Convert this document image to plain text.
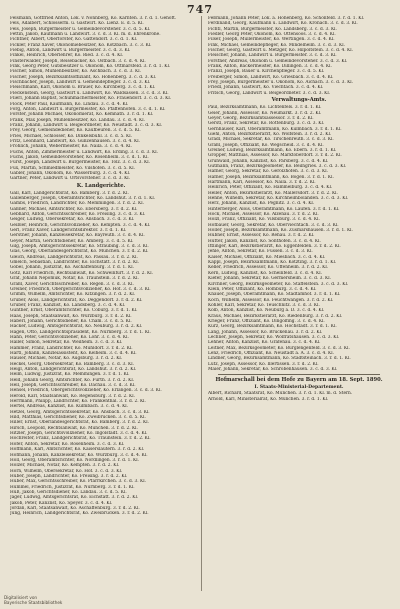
747
Felsmann, Gottfried Anton, Lok. v. Nonnberg, Ko. Kärnten. 3. r. d. 1. Gehöft.
Fels, Adalbert, Schlosserm. u. Gastwirt. Ko. Lienz. E. d. 5. Kl.
Fels, Joseph, Bürgermeister u. Gemeindevorsteher. 3. c. d. 5. Kl.
Fettin, Jakob, Kaufmann u. Landwirt. 3. c. d. 3. Kl. m. d. Ehrenkrone.
Fichtner, Albert, Oberförster, Ko. Gattendorf. 3. c. d. 1. Kl.
Fickler, Franz Xaver, Ökonomiebesitzer, Ko. Kotzbach. 3. c. 3. Kl.
Fiebig, Anton, Landwirt u. Bürgermeister. 3. c. d. 3. Kl.
Finkel, Heinrich, Oberlehrer, Ko. Ried. 3. c. d. 4. Kl.
Finsterwalder, Joseph, Reisebäcker, Ko. Ostbach. 3. c. d. 4. Kl.
Fink, Georg Peter, Gutsbesitzer u. Ökonom, Ko. Ottmarsfeld. 3. r. d. 1. Kl.
Fischer, Simon, Mühlenbesitzer, Ko. Aschbach. 3. c. d. 3. Kl.
Fischer, Joseph, Bezirksamtsoffiziant, Ko. Hohenberg. 3. c. d. 3. Kl.
Fischbacher, Joseph, Landwirt u. Gemeindepfleger. 3. c. d. 3. Kl.
Fleischmann, Karl, Ökonom u. Brauer, Ko. Kirchberg. 3. c. d. 1. Kl.
Fleckenstein, Georg, Gastwirt u. Landwirt, Ko. Waldsassen. 3. c. d. 3. Kl.
Flierl, Johann Baptist, Schuhmachermeister, Ko. Frauendorf. 3. c. d. 3. Kl.
Flock, Peter Paul, Kaufmann, Ko. Lindau. 3. c. d. 4. Kl.
Förg, Anton, Landwirt u. Bürgermeister, Ko. Pfaffenhofen. 3. c. d. 1. Kl.
Forster, Johann Michael, Ökonomierat, Ko. Kemnath. 3. r. d. 1. Kl.
Frank, Max Joseph, Mühlenbesitzer, Ko. Landau. 3. c. d. 4. Kl.
Franz, Johann, Landwirt u. Beigeordneter, Ko. Neustadt. 3. c. d. 3. Kl.
Frey, Georg, Gemeindediener, Ko. Kaufbeuren. 3. c. d. 5. Kl.
Fries, Michael, Schlosser, Ko. Dinkelsbühl. 3. c. d. 5. Kl.
Fritz, Leonhard, Landwirt, Ko. Gunzenhausen. 3. c. d. 4. Kl.
Fröhlich, Johann, Webermeister, Ko. Naila. 3. c. d. 4. Kl.
Fuchs, Anton, Zimmermeister u. Landwirt, Ko. Erding. 3. c. d. 3. Kl.
Fuchs, Jakob, Gemeindevorsteher, Ko. Rosenheim. 3. c. d. 1. Kl.
Fürst, Joseph, Landwirt u. Bürgermeister, Ko. Tölz. 3. c. d. 3. Kl.
Fux, Martin, Schmiedmeister, Ko. Vilshofen. 3. c. d. 5. Kl.
Gabler, Johann, Ökonom, Ko. Wasserburg. 3. c. d. 4. Kl.
Gärtner, Peter, Landwirt u. Ortsvorsteher. 3. c. d. 3. Kl.
K. Landgerichte.
Gall, Karl, Landgerichtsrat, Ko. Bamberg. 3. r. d. 2. Kl.
Gallenberger, Joseph, Oberamtsrichter, Ko. Landshut. 3. r. d. 1. Kl.
Gambs, Friedrich, Landrichter, Ko. Memmingen. 3. r. d. 2. Kl.
Gaßner, Michael, Amtsrichter, Ko. Ebersberg. 3. r. d. 2. Kl.
Gebhard, Anton, Gerichtsschreiber, Ko. Freising. 3. c. d. 3. Kl.
Geiger, Ludwig, Obersekretär, Ko. Ansbach. 3. c. d. 3. Kl.
Geißler, Heinrich, Gerichtsvollzieher, Ko. Kempten. 3. c. d. 4. Kl.
Gerl, Franz Xaver, Landgerichtsdirektor. 3. r. d. 1. Kl.
Gerstner, Johann, Kanzleisekretär, Ko. Bayreuth. 3. c. d. 4. Kl.
Geyer, Martin, Gerichtsdiener, Ko. Amberg. 3. c. d. 5. Kl.
Gilg, Joseph, Amtsgerichtssekretär, Ko. Straubing. 3. c. d. 3. Kl.
Glas, Georg, Oberlandesgerichtsrat, Ko. München. 3. r. d. 2. Kl.
Gleich, Andreas, Landgerichtsrat, Ko. Passau. 3. r. d. 2. Kl.
Gmelch, Sebastian, Landrichter, Ko. Eichstätt. 3. r. d. 2. Kl.
Göbel, Johann, Justizrat, Ko. Aschaffenburg. 3. r. d. 1. Kl.
Götz, Karl Friedrich, Rechtsanwalt, Ko. Schweinfurt. 3. r. d. 2. Kl.
Graf, Johann Nepomuk, Notar, Ko. Traunstein. 3. r. d. 2. Kl.
Gräßl, Xaver, Gerichtsschreiber, Ko. Regen. 3. c. d. 3. Kl.
Greiner, Friedrich, Obergerichtsvollzieher, Ko. Hof. 3. c. d. 3. Kl.
Grimm, Wilhelm, Amtsrichter, Ko. Kitzingen. 3. r. d. 2. Kl.
Gruber, Alois, Landgerichtsrat, Ko. Deggendorf. 3. r. d. 2. Kl.
Gruber, Franz, Kanzlist, Ko. Landsberg. 3. c. d. 4. Kl.
Günther, Ernst, Oberamtsrichter, Ko. Coburg. 3. r. d. 1. Kl.
Haas, Joseph, Staatsanwalt, Ko. Würzburg. 3. r. d. 2. Kl.
Haberl, Johann, Gerichtsdiener, Ko. Cham. 3. c. d. 5. Kl.
Hacker, Ludwig, Amtsgerichtsrat, Ko. Neuburg. 3. r. d. 2. Kl.
Hagen, Otto, Landgerichtspräsident, Ko. Nürnberg. 3. r. d. 1. Kl.
Hahn, Peter, Gerichtsvollzieher, Ko. Lohr. 3. c. d. 4. Kl.
Haller, Simon, Sekretär, Ko. Weilheim. 3. c. d. 3. Kl.
Hammer, Franz, Landrichter, Ko. Mühldorf. 3. r. d. 2. Kl.
Hartl, Johann, Kanzleiassistent, Ko. Kelheim. 3. c. d. 4. Kl.
Hauser, Michael, Notar, Ko. Augsburg. 3. r. d. 2. Kl.
Heckel, Georg, Obersekretär, Ko. Bamberg. 3. c. d. 3. Kl.
Heigl, Anton, Landgerichtsrat, Ko. Landshut. 3. r. d. 2. Kl.
Heim, Ludwig, Justizrat, Ko. Memmingen. 3. r. d. 1. Kl.
Held, Johann Georg, Amtsrichter, Ko. Fürth. 3. r. d. 2. Kl.
Hell, Joseph, Gerichtsschreiber, Ko. Dachau. 3. c. d. 3. Kl.
Hensel, Friedrich, Obergerichtsvollzieher, Ko. Erlangen. 3. c. d. 3. Kl.
Herold, Karl, Staatsanwalt, Ko. Regensburg. 3. r. d. 2. Kl.
Herrmann, Philipp, Landrichter, Ko. Frankenthal. 3. r. d. 2. Kl.
Hertel, Andreas, Kanzlist, Ko. Kulmbach. 3. c. d. 4. Kl.
Hetzel, Georg, Amtsgerichtssekretär, Ko. Ansbach. 3. c. d. 3. Kl.
Hild, Matthias, Gerichtsdiener, Ko. Zweibrücken. 3. c. d. 5. Kl.
Hiller, Ernst, Oberlandesgerichtsrat, Ko. Bamberg. 3. r. d. 2. Kl.
Hirsch, Leopold, Rechtsanwalt, Ko. München. 3. r. d. 2. Kl.
Hitzler, Joseph, Gerichtsvollzieher, Ko. Ingolstadt. 3. c. d. 4. Kl.
Hochreiter, Franz, Landgerichtsrat, Ko. Traunstein. 3. r. d. 2. Kl.
Hofer, Anton, Sekretär, Ko. Rosenheim. 3. c. d. 3. Kl.
Hoffmann, Karl, Amtsrichter, Ko. Kaiserslautern. 3. r. d. 2. Kl.
Hofmann, Johann, Kanzleisekretär, Ko. Würzburg. 3. c. d. 4. Kl.
Holl, Georg, Oberamtsrichter, Ko. Nördlingen. 3. r. d. 1. Kl.
Holzer, Michael, Notar, Ko. Kempten. 3. r. d. 2. Kl.
Horn, Wilhelm, Obersekretär, Ko. Hof. 3. c. d. 3. Kl.
Huber, Joseph, Landrichter, Ko. Freising. 3. r. d. 2. Kl.
Huber, Max, Gerichtsschreiber, Ko. Pfarrkirchen. 3. c. d. 3. Kl.
Hummel, Friedrich, Justizrat, Ko. Nürnberg. 3. r. d. 1. Kl.
Huß, Jakob, Gerichtsdiener, Ko. Landau. 3. c. d. 5. Kl.
Jäger, Ludwig, Amtsgerichtsrat, Ko. Eichstätt. 3. r. d. 2. Kl.
Jakob, Peter, Kanzlist, Ko. Speyer. 3. c. d. 4. Kl.
Jordan, Karl, Staatsanwalt, Ko. Aschaffenburg. 3. r. d. 2. Kl.
Jung, Heinrich, Landgerichtsrat, Ko. Zweibrücken. 3. r. d. 2. Kl.
Feßmann, Johann Peter, Lok. a. Hohenberg, Ko. Schönfeld. 3. r. d. 1. Kl.
Ferdinand, Georg, Kaufmann u. Landwirt, Ko. Kronach. 3. c. d. 3. Kl.
Fichtl, Martin, Bürgermeister, Ko. Landsberg. 3. c. d. 3. Kl.
Fiedler, Georg Peter, Ökonom, Ko. Ottensoos. 3. c. d. 4. Kl.
Filser, Joseph, Müllermeister, Ko. Wertingen. 3. c. d. 4. Kl.
Fink, Michael, Gemeindepfleger, Ko. Mindelheim. 3. c. d. 3. Kl.
Fischer, Georg, Gastwirt u. Metzger, Ko. Hilpoltstein. 3. c. d. 4. Kl.
Fleischer, Johann, Landwirt u. Bürgermeister. 3. c. d. 3. Kl.
Forstner, Andreas, Ökonom u. Gemeindevorsteher. 3. c. d. 3. Kl.
Frank, Anton, Bäckermeister, Ko. Dillingen. 3. c. d. 4. Kl.
Franzl, Joseph, Bauer u. Kirchenpfleger. 3. c. d. 5. Kl.
Freiberger, Simon, Landwirt, Ko. Griesbach. 3. c. d. 4. Kl.
Frey, Joseph, Bürgermeister u. Ökonom, Ko. Aichach. 3. c. d. 3. Kl.
Friedl, Johann, Gastwirt, Ko. Viechtach. 3. c. d. 4. Kl.
Fritsch, Georg, Landwirt u. Beigeordneter. 3. c. d. 3. Kl.
Verwaltungs-Amts.
Paul, Bezirksamtmann, Ko. Lichtenfels. 3. r. d. 1. Kl.
Geier, Johann, Assessor, Ko. Neumarkt. 3. r. d. 2. Kl.
Geyer, Georg, Bezirksamtsassessor. 3. r. d. 2. Kl.
Gerstl, Franz, Sekretär, Ko. Rottenburg. 3. c. d. 3. Kl.
Gernhäuser, Karl, Oberamtmann, Ko. Kulmbach. 3. r. d. 1. Kl.
Giehl, Anton, Bezirkstierarzt, Ko. Wolfstein. 3. r. d. 2. Kl.
Gradl, Michael, Sekretär, Ko. Tirschenreuth. 3. c. d. 3. Kl.
Graßl, Joseph, Offiziant, Ko. Wegscheid. 3. c. d. 4. Kl.
Greiner, Ludwig, Bezirksamtmann, Ko. Ebern. 3. r. d. 1. Kl.
Gropper, Matthias, Assessor, Ko. Marktoberdorf. 3. r. d. 2. Kl.
Grünwald, Johann, Kanzlist, Ko. Parsberg. 3. c. d. 4. Kl.
Gutmann, Franz, Bezirksgeometer, Ko. Beilngries. 3. c. d. 3. Kl.
Häfner, Georg, Sekretär, Ko. Gerolzhofen. 3. c. d. 3. Kl.
Hafner, Joseph, Bezirksamtmann, Ko. Bogen. 3. r. d. 1. Kl.
Hartmann, Karl, Assessor, Ko. Naila. 3. r. d. 2. Kl.
Heinrich, Peter, Offiziant, Ko. Hammelburg. 3. c. d. 4. Kl.
Heller, Anton, Bezirkstierarzt, Ko. Mallersdorf. 3. r. d. 2. Kl.
Henne, Wilhelm, Sekretär, Ko. Kirchheimbolanden. 3. c. d. 3. Kl.
Herz, Johann, Kanzlist, Ko. Pegnitz. 3. c. d. 4. Kl.
Hinterberger, Alois, Oberamtmann, Ko. Laufen. 3. r. d. 1. Kl.
Hock, Michael, Assessor, Ko. Alzenau. 3. r. d. 2. Kl.
Hölzl, Franz, Offiziant, Ko. Vilsbiburg. 3. c. d. 4. Kl.
Hofbauer, Georg, Sekretär, Ko. Oberviechtach. 3. c. d. 3. Kl.
Holler, Joseph, Bezirksamtmann, Ko. Zusmarshausen. 3. r. d. 1. Kl.
Hübner, Ernst, Assessor, Ko. Rehau. 3. r. d. 2. Kl.
Hutter, Jakob, Kanzlist, Ko. Sonthofen. 3. c. d. 4. Kl.
Ittlinger, Karl, Bezirkstierarzt, Ko. Eggenfelden. 3. r. d. 2. Kl.
Jehle, Anton, Sekretär, Ko. Füssen. 3. c. d. 3. Kl.
Kaiser, Michael, Offiziant, Ko. Miesbach. 3. c. d. 4. Kl.
Kappl, Joseph, Bezirksamtmann, Ko. Kötzting. 3. r. d. 1. Kl.
Keller, Friedrich, Assessor, Ko. Uffenheim. 3. r. d. 2. Kl.
Kern, Ludwig, Kanzlist, Ko. Scheinfeld. 3. c. d. 4. Kl.
Kiefer, Johann, Sekretär, Ko. Germersheim. 3. c. d. 3. Kl.
Kirchner, Georg, Bezirksgeometer, Ko. Staffelstein. 3. c. d. 3. Kl.
Klein, Peter, Offiziant, Ko. Homburg. 3. c. d. 4. Kl.
Knauer, Joseph, Oberamtmann, Ko. Stadtamhof. 3. r. d. 1. Kl.
Koch, Wilhelm, Assessor, Ko. Feuchtwangen. 3. r. d. 2. Kl.
Köhler, Karl, Sekretär, Ko. Teuschnitz. 3. c. d. 3. Kl.
Kolb, Anton, Kanzlist, Ko. Neuburg a. D. 3. c. d. 4. Kl.
Kraus, Michael, Bezirkstierarzt, Ko. Riedenburg. 3. r. d. 2. Kl.
Krieger, Franz, Offiziant, Ko. Dingolfing. 3. c. d. 4. Kl.
Kurz, Georg, Bezirksamtmann, Ko. Höchstädt. 3. r. d. 1. Kl.
Lang, Johann, Assessor, Ko. Brückenau. 3. r. d. 2. Kl.
Lechner, Joseph, Sekretär, Ko. Wolfratshausen. 3. c. d. 3. Kl.
Lehner, Anton, Kanzlist, Ko. Grafenau. 3. c. d. 4. Kl.
Leitner, Max, Bezirksgeometer, Ko. Burglengenfeld. 3. c. d. 3. Kl.
Lenz, Friedrich, Offiziant, Ko. Neustadt a. A. 3. c. d. 4. Kl.
Lindner, Georg, Bezirksamtmann, Ko. Stadtsteinach. 3. r. d. 1. Kl.
Lutz, Joseph, Assessor, Ko. Illertissen. 3. r. d. 2. Kl.
Maier, Johann, Sekretär, Ko. Schrobenhausen. 3. c. d. 3. Kl.
Hofmarschall bei dem Hofe zu Bayern am 18. Sept. 1890.
I. Staats-Ministerial-Departement.
Albert, Richard, Staatsrat, Ko. München. 3. r. d. 1. Kl. m. d. Stern.
Arnold, Karl, Ministerialrat, Ko. München. 3. r. d. 1. Kl.
Digitalisiert von
Bayerische Staatsbibliothek
